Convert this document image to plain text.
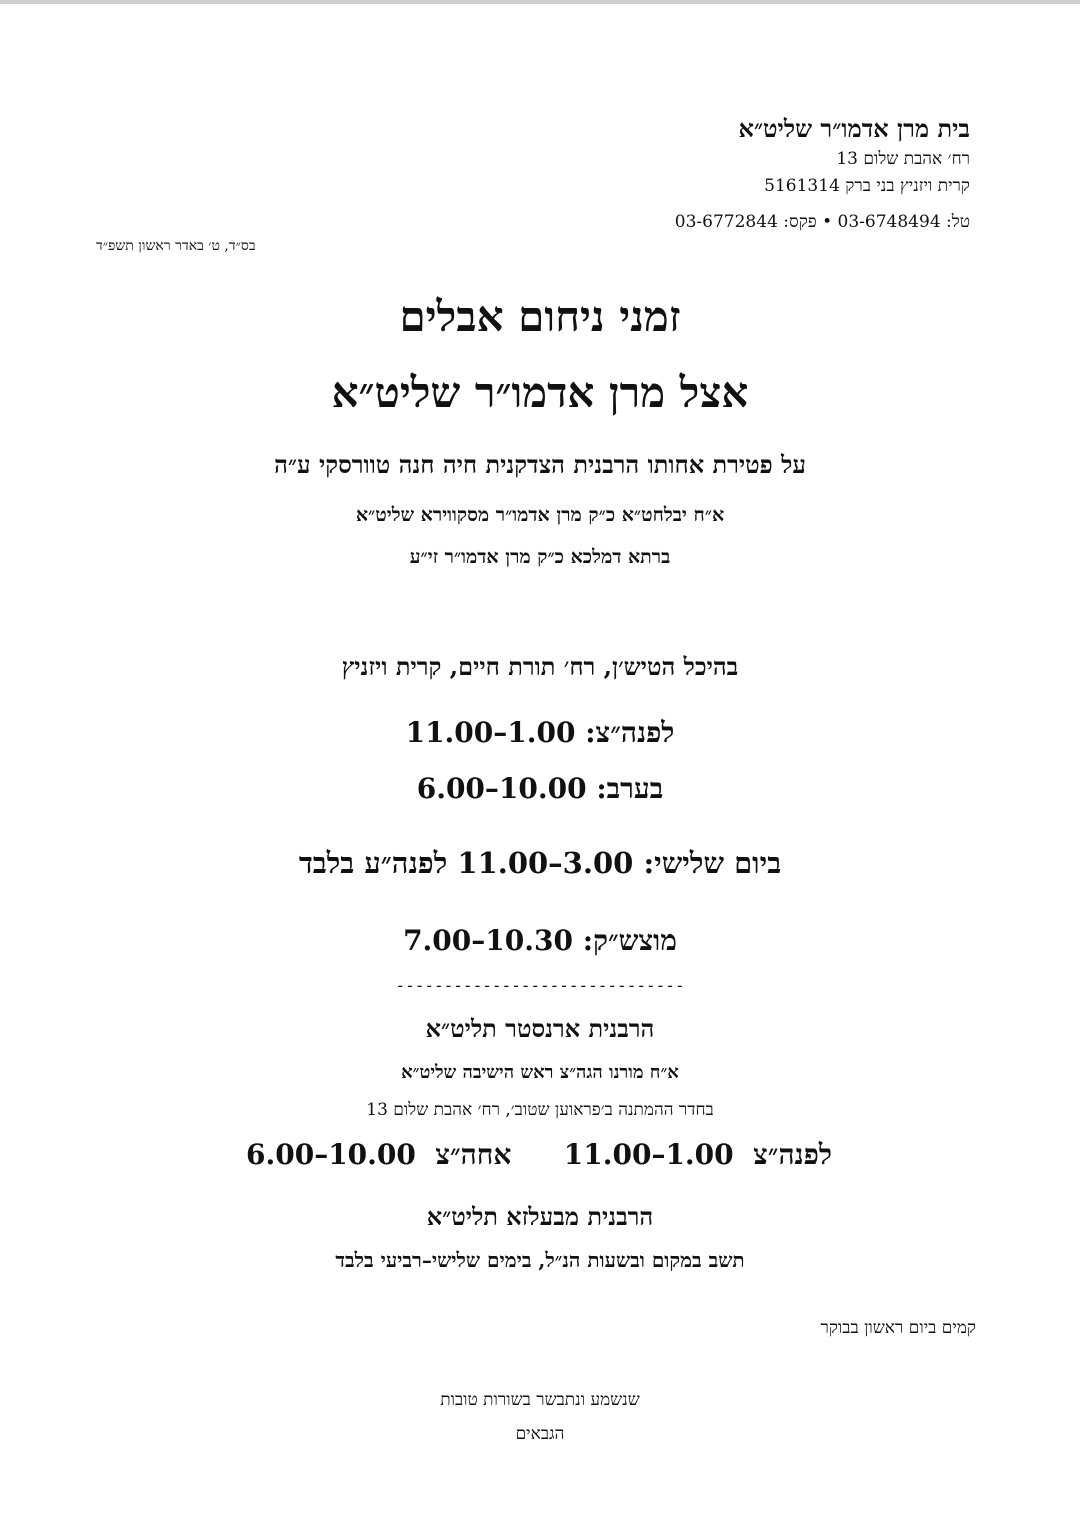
בית מרן אדמו״ר שליט״א
רח׳ אהבת שלום 13
קרית ויזניץ בני ברק 5161314
טל: 03-6748494 • פקס: 03-6772844
בס״ד, ט׳ באדר ראשון תשפ״ד
זמני ניחום אבלים
אצל מרן אדמו״ר שליט״א
על פטירת אחותו הרבנית הצדקנית חיה חנה טוורסקי ע״ה
א״ח יבלחט״א כ״ק מרן אדמו״ר מסקווירא שליט״א
ברתא דמלכא כ״ק מרן אדמו״ר זי״ע
בהיכל הטיש׳ן, רח׳ תורת חיים, קרית ויזניץ
לפנה״צ: 11.00–1.00
בערב: 6.00–10.00
ביום שלישי: 11.00–3.00 לפנה״ע בלבד
מוצש״ק: 7.00–10.30
------------------------------
הרבנית ארנסטר תליט״א
א״ח מורנו הגה״צ ראש הישיבה שליט״א
בחדר ההמתנה ב׳פראוען שטוב׳, רח׳ אהבת שלום 13
לפנה״צ  11.00–1.00
אחה״צ  6.00–10.00
הרבנית מבעלזא תליט״א
תשב במקום ובשעות הנ״ל, בימים שלישי–רביעי בלבד
קמים ביום ראשון בבוקר
שנשמע ונתבשר בשורות טובות
הגבאים
